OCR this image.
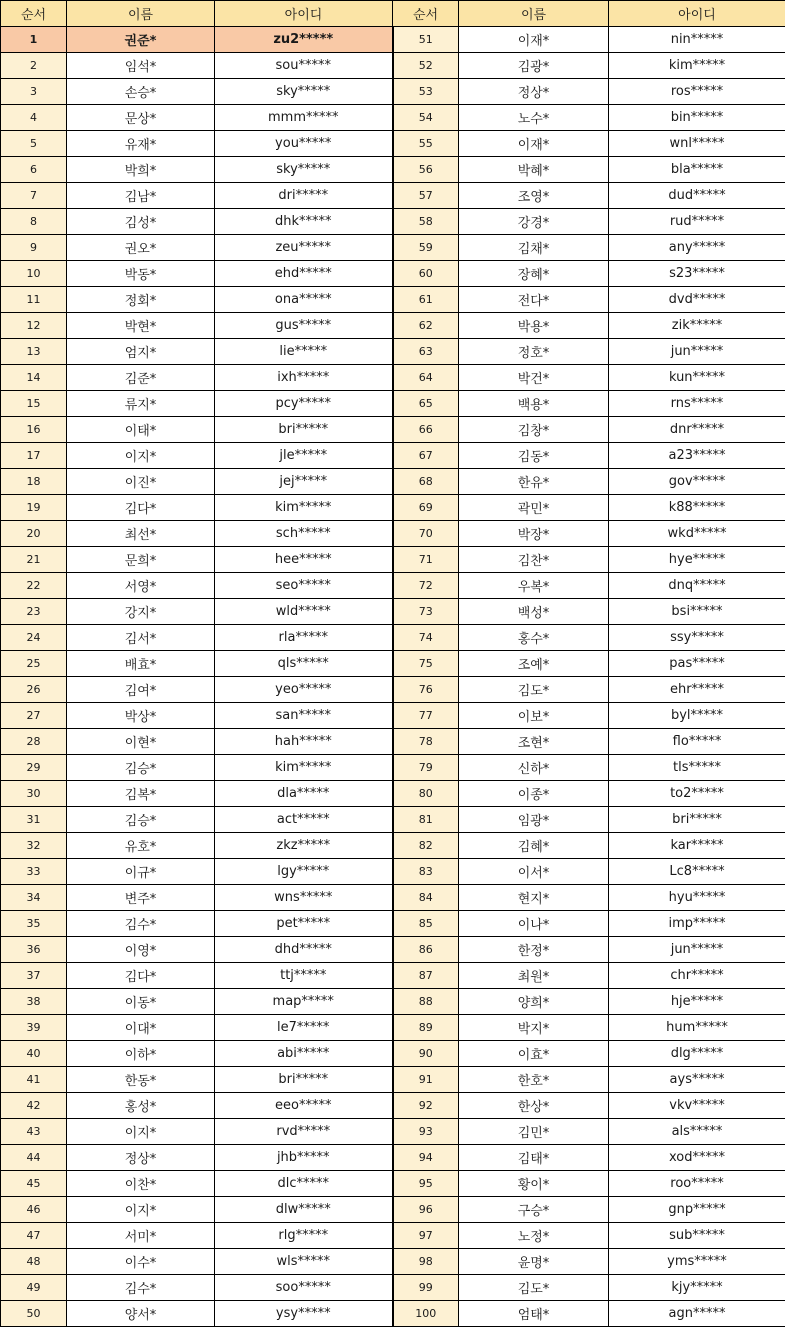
순서	이름	아이디	순서	이름	아이디
1	권준*	zu2*****	51	이재*	nin*****
2	임석*	sou*****	52	김광*	kim*****
3	손승*	sky*****	53	정상*	ros*****
4	문상*	mmm*****	54	노수*	bin*****
5	유재*	you*****	55	이재*	wnl*****
6	박희*	sky*****	56	박혜*	bla*****
7	김남*	dri*****	57	조영*	dud*****
8	김성*	dhk*****	58	강경*	rud*****
9	권오*	zeu*****	59	김채*	any*****
10	박동*	ehd*****	60	장혜*	s23*****
11	정회*	ona*****	61	전다*	dvd*****
12	박현*	gus*****	62	박용*	zik*****
13	엄지*	lie*****	63	정호*	jun*****
14	김준*	ixh*****	64	박건*	kun*****
15	류지*	pcy*****	65	백용*	rns*****
16	이태*	bri*****	66	김창*	dnr*****
17	이지*	jle*****	67	김동*	a23*****
18	이진*	jej*****	68	한유*	gov*****
19	김다*	kim*****	69	곽민*	k88*****
20	최선*	sch*****	70	박장*	wkd*****
21	문희*	hee*****	71	김찬*	hye*****
22	서영*	seo*****	72	우복*	dnq*****
23	강지*	wld*****	73	백성*	bsi*****
24	김서*	rla*****	74	홍수*	ssy*****
25	배효*	qls*****	75	조예*	pas*****
26	김여*	yeo*****	76	김도*	ehr*****
27	박상*	san*****	77	이보*	byl*****
28	이현*	hah*****	78	조현*	flo*****
29	김승*	kim*****	79	신하*	tls*****
30	김복*	dla*****	80	이종*	to2*****
31	김승*	act*****	81	임광*	bri*****
32	유호*	zkz*****	82	김혜*	kar*****
33	이규*	lgy*****	83	이서*	Lc8*****
34	변주*	wns*****	84	현지*	hyu*****
35	김수*	pet*****	85	이나*	imp*****
36	이영*	dhd*****	86	한정*	jun*****
37	김다*	ttj*****	87	최원*	chr*****
38	이동*	map*****	88	양희*	hje*****
39	이대*	le7*****	89	박지*	hum*****
40	이하*	abi*****	90	이효*	dlg*****
41	한동*	bri*****	91	한호*	ays*****
42	홍성*	eeo*****	92	한상*	vkv*****
43	이지*	rvd*****	93	김민*	als*****
44	정상*	jhb*****	94	김태*	xod*****
45	이찬*	dlc*****	95	황이*	roo*****
46	이지*	dlw*****	96	구승*	gnp*****
47	서미*	rlg*****	97	노정*	sub*****
48	이수*	wls*****	98	윤명*	yms*****
49	김수*	soo*****	99	김도*	kjy*****
50	양서*	ysy*****	100	엄태*	agn*****
